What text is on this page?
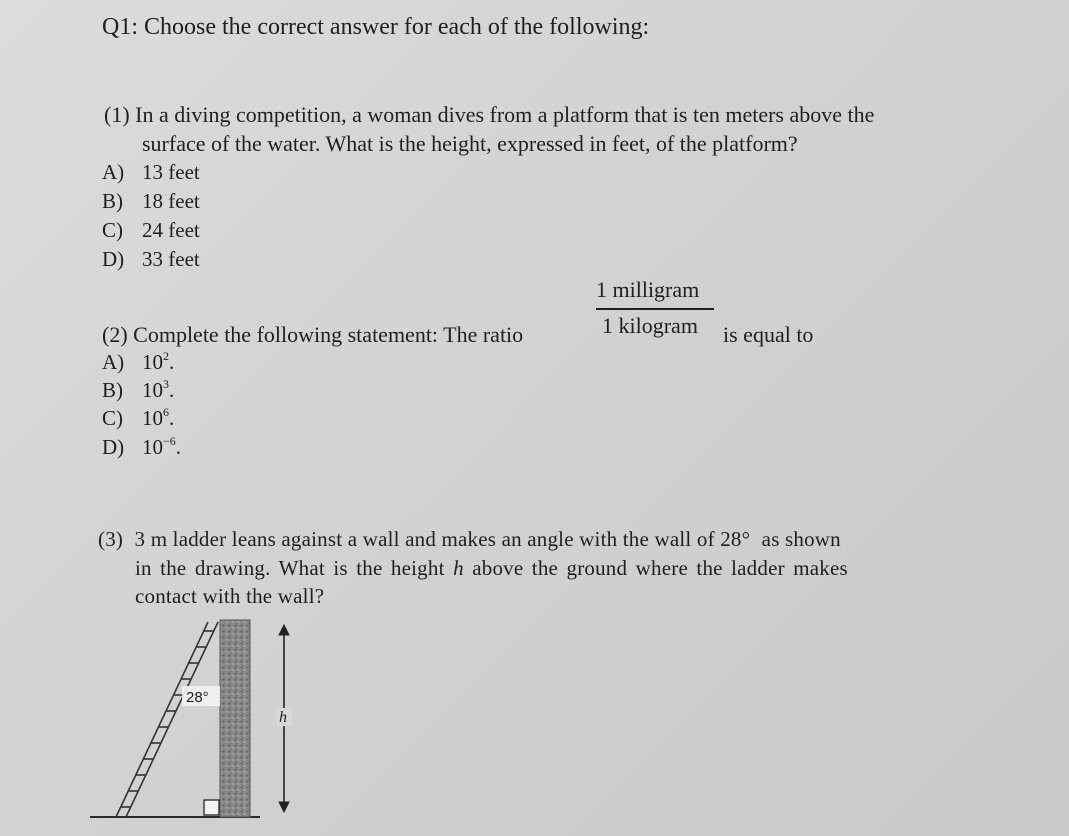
Q1: Choose the correct answer for each of the following:
(1) In a diving competition, a woman dives from a platform that is ten meters above the
surface of the water. What is the height, expressed in feet, of the platform?
A) 13 feet
B) 18 feet
C) 24 feet
D) 33 feet
1 milligram
1 kilogram
(2) Complete the following statement: The ratio	is equal to
A) $10^2$.
B) $10^3$.
C) $10^6$.
D) $10^{-6}$.
(3) 3 m ladder leans against a wall and makes an angle with the wall of 28° as shown
in the drawing. What is the height h above the ground where the ladder makes
contact with the wall?
28°
h
